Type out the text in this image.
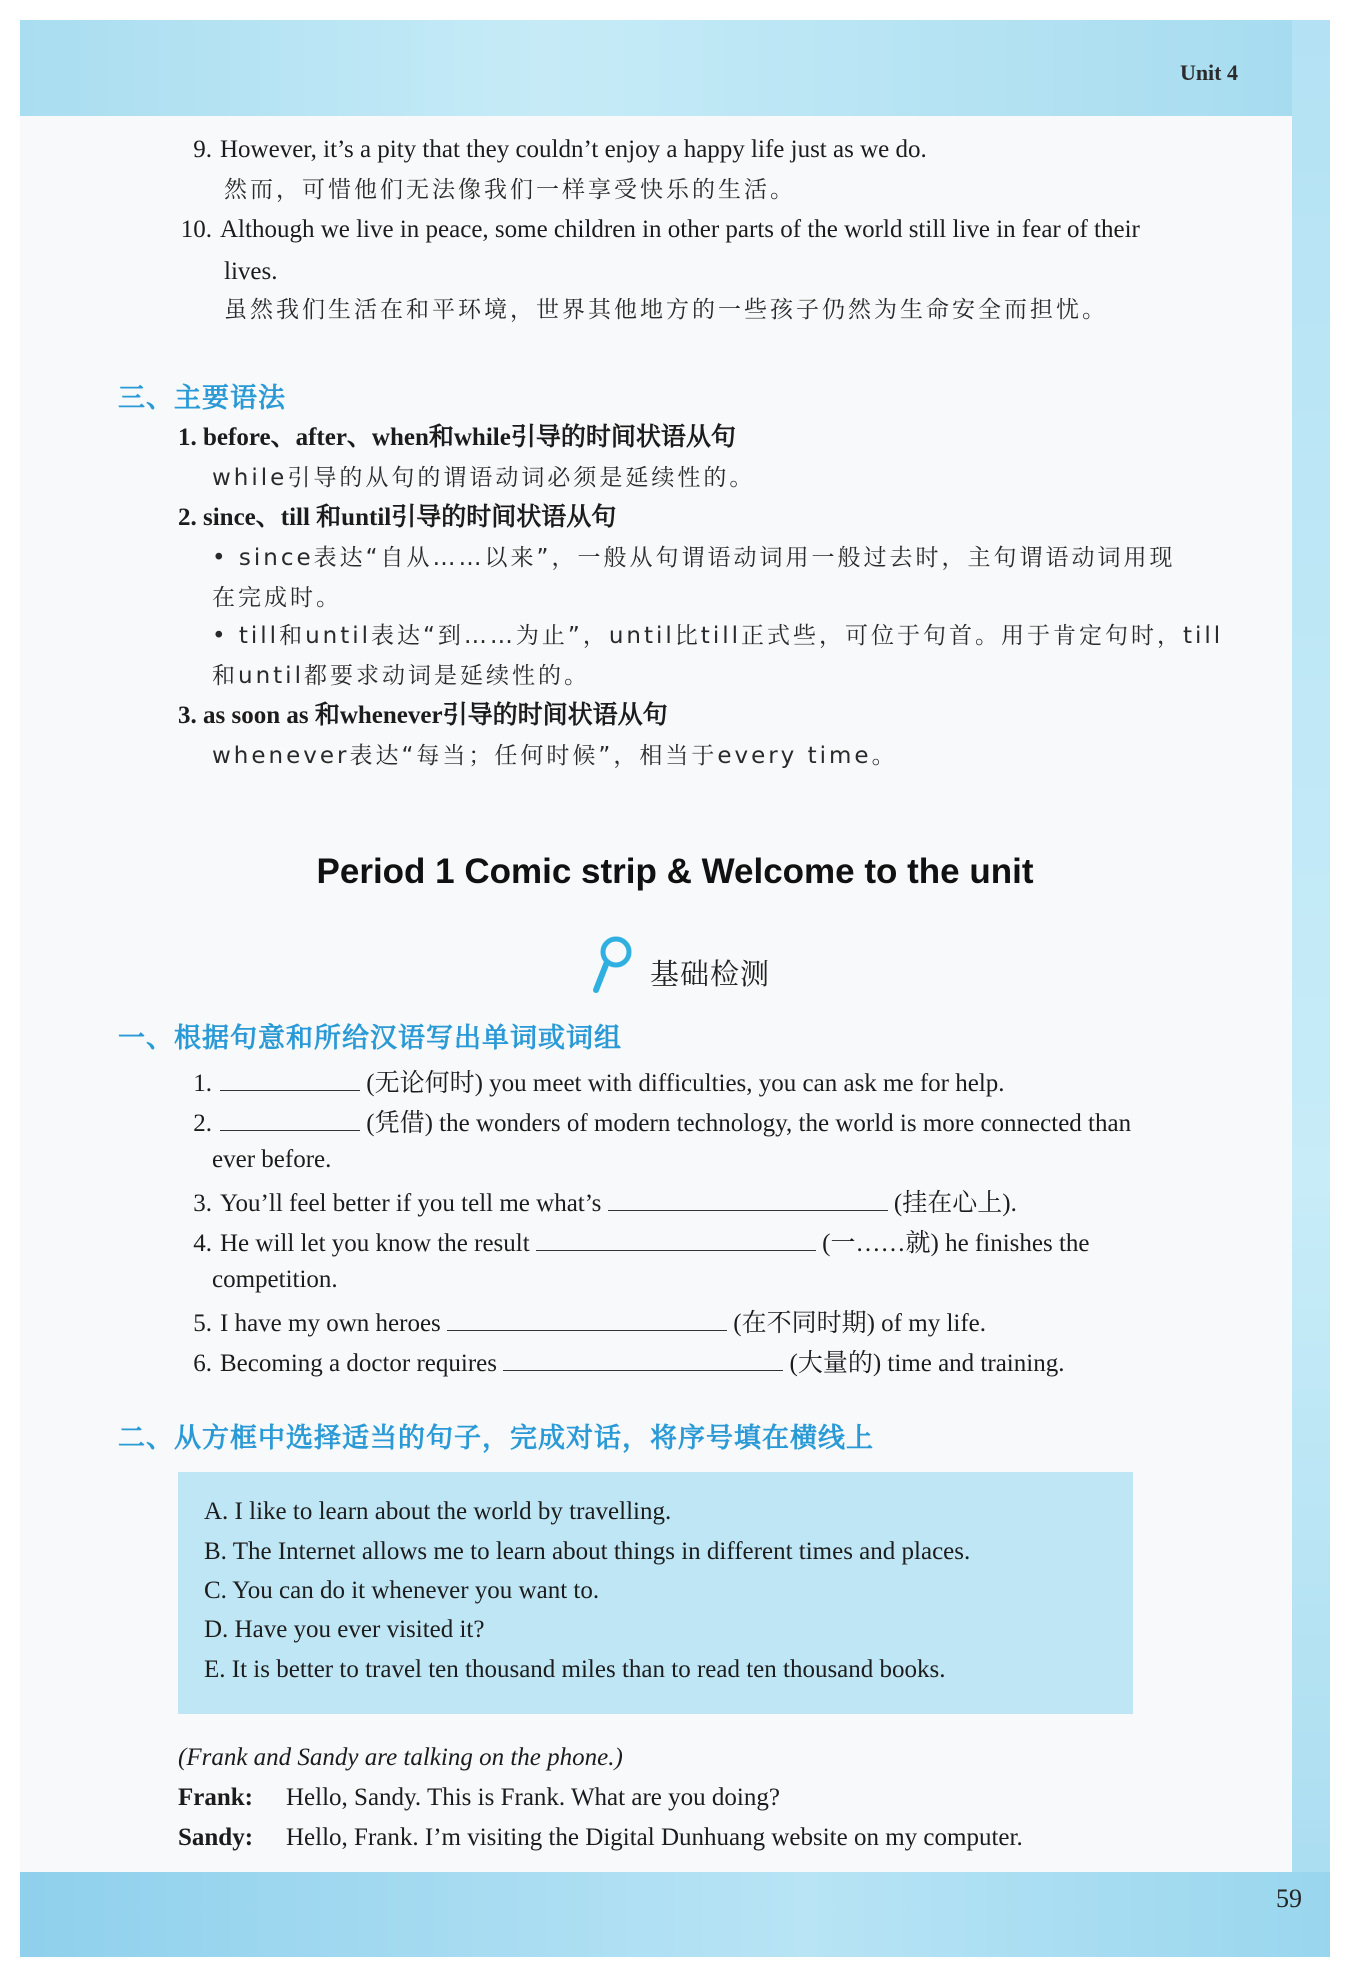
Unit 4
9. However, it’s a pity that they couldn’t enjoy a happy life just as we do.
然而，可惜他们无法像我们一样享受快乐的生活。
10. Although we live in peace, some children in other parts of the world still live in fear of their
lives.
虽然我们生活在和平环境，世界其他地方的一些孩子仍然为生命安全而担忧。
三、主要语法
1. before、after、when和while引导的时间状语从句
while引导的从句的谓语动词必须是延续性的。
2. since、till 和until引导的时间状语从句
• since表达“自从……以来”，一般从句谓语动词用一般过去时，主句谓语动词用现
在完成时。
• till和until表达“到……为止”，until比till正式些，可位于句首。用于肯定句时，till
和until都要求动词是延续性的。
3. as soon as 和whenever引导的时间状语从句
whenever表达“每当；任何时候”，相当于every time。
Period 1 Comic strip & Welcome to the unit
基础检测
一、根据句意和所给汉语写出单词或词组
1.	(无论何时) you meet with difficulties, you can ask me for help.
2.	(凭借) the wonders of modern technology, the world is more connected than
ever before.
3. You’ll feel better if you tell me what’s	(挂在心上).
4. He will let you know the result	(一……就) he finishes the
competition.
5. I have my own heroes	(在不同时期) of my life.
6. Becoming a doctor requires	(大量的) time and training.
二、从方框中选择适当的句子，完成对话，将序号填在横线上
A. I like to learn about the world by travelling.
B. The Internet allows me to learn about things in different times and places.
C. You can do it whenever you want to.
D. Have you ever visited it?
E. It is better to travel ten thousand miles than to read ten thousand books.
(Frank and Sandy are talking on the phone.)
Frank: Hello, Sandy. This is Frank. What are you doing?
Sandy: Hello, Frank. I’m visiting the Digital Dunhuang website on my computer.
59
